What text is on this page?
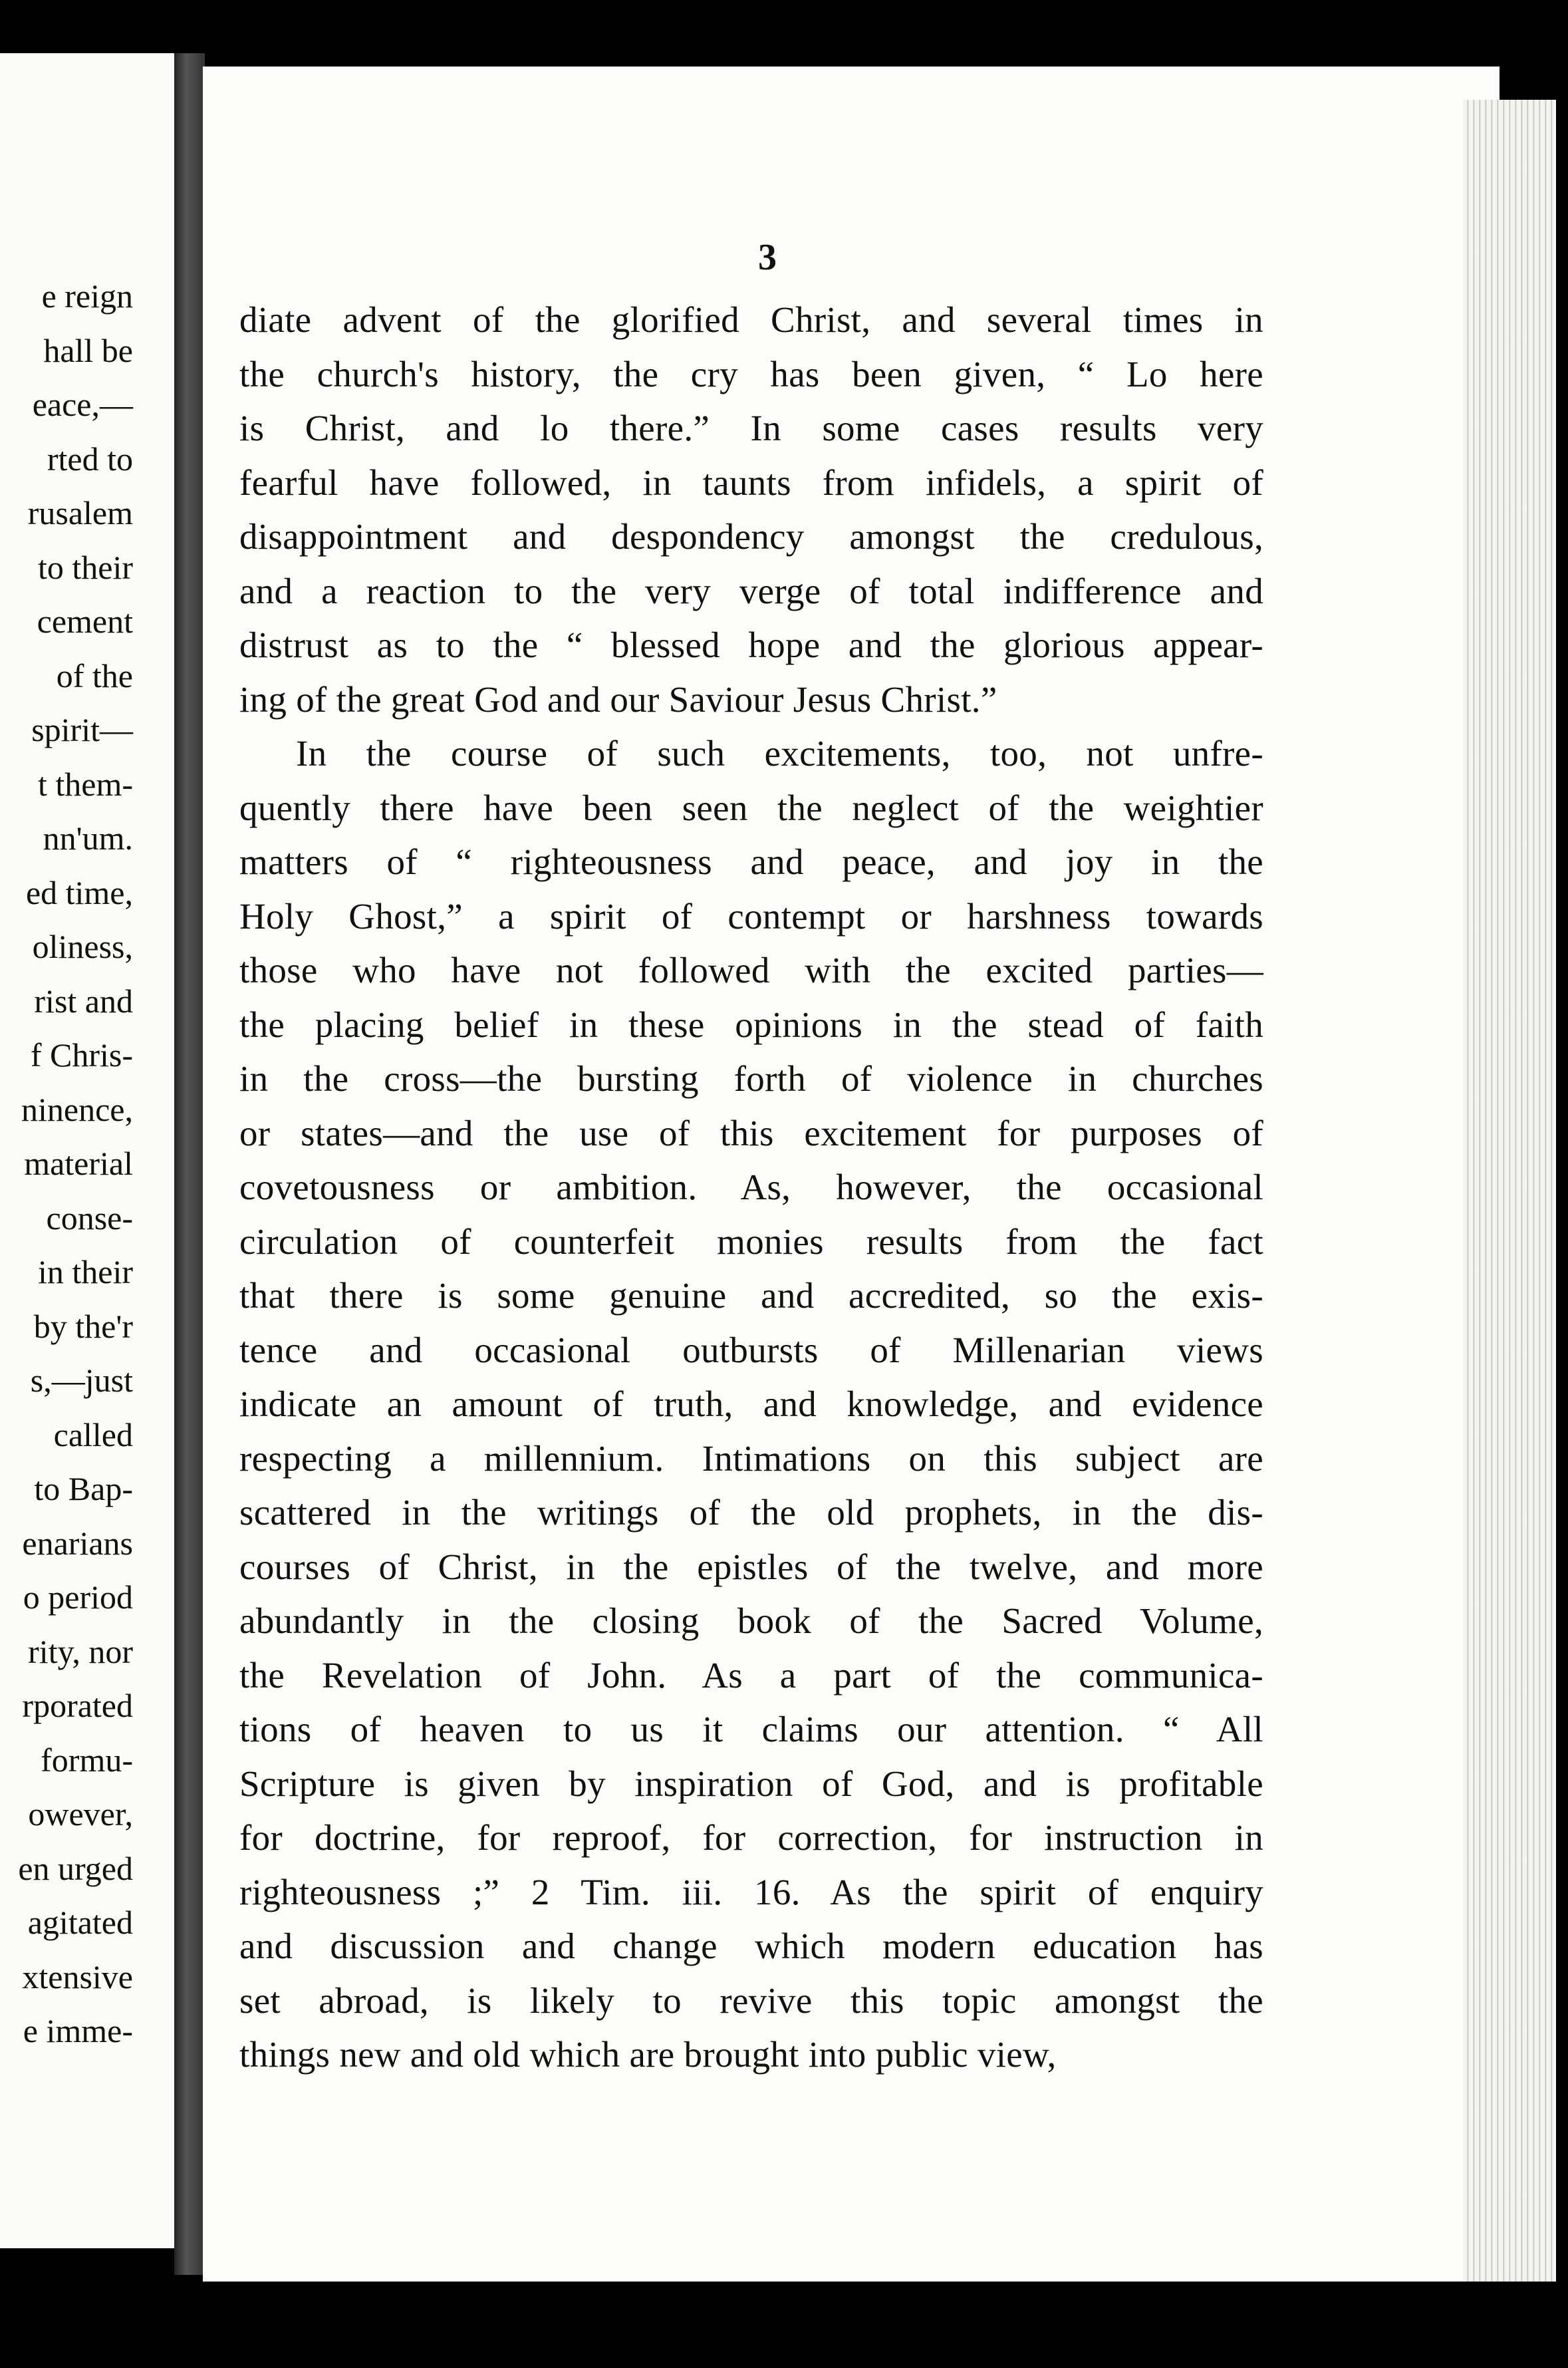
e reign
hall be
eace,—
rted to
rusalem
to their
cement
of the
spirit—
t them-
nn'um.
ed time,
oliness,
rist and
f Chris-
ninence,
material
conse-
in their
by the'r
s,—just
called
to Bap-
enarians
o period
rity, nor
rporated
formu-
owever,
en urged
agitated
xtensive
e imme-
3
diate advent of the glorified Christ, and several times in
the church's history, the cry has been given, “ Lo here
is Christ, and lo there.” In some cases results very
fearful have followed, in taunts from infidels, a spirit of
disappointment and despondency amongst the credulous,
and a reaction to the very verge of total indifference and
distrust as to the “ blessed hope and the glorious appear-
ing of the great God and our Saviour Jesus Christ.”
In the course of such excitements, too, not unfre-
quently there have been seen the neglect of the weightier
matters of “ righteousness and peace, and joy in the
Holy Ghost,” a spirit of contempt or harshness towards
those who have not followed with the excited parties—
the placing belief in these opinions in the stead of faith
in the cross—the bursting forth of violence in churches
or states—and the use of this excitement for purposes of
covetousness or ambition. As, however, the occasional
circulation of counterfeit monies results from the fact
that there is some genuine and accredited, so the exis-
tence and occasional outbursts of Millenarian views
indicate an amount of truth, and knowledge, and evidence
respecting a millennium. Intimations on this subject are
scattered in the writings of the old prophets, in the dis-
courses of Christ, in the epistles of the twelve, and more
abundantly in the closing book of the Sacred Volume,
the Revelation of John. As a part of the communica-
tions of heaven to us it claims our attention. “ All
Scripture is given by inspiration of God, and is profitable
for doctrine, for reproof, for correction, for instruction in
righteousness ;” 2 Tim. iii. 16. As the spirit of enquiry
and discussion and change which modern education has
set abroad, is likely to revive this topic amongst the
things new and old which are brought into public view,
